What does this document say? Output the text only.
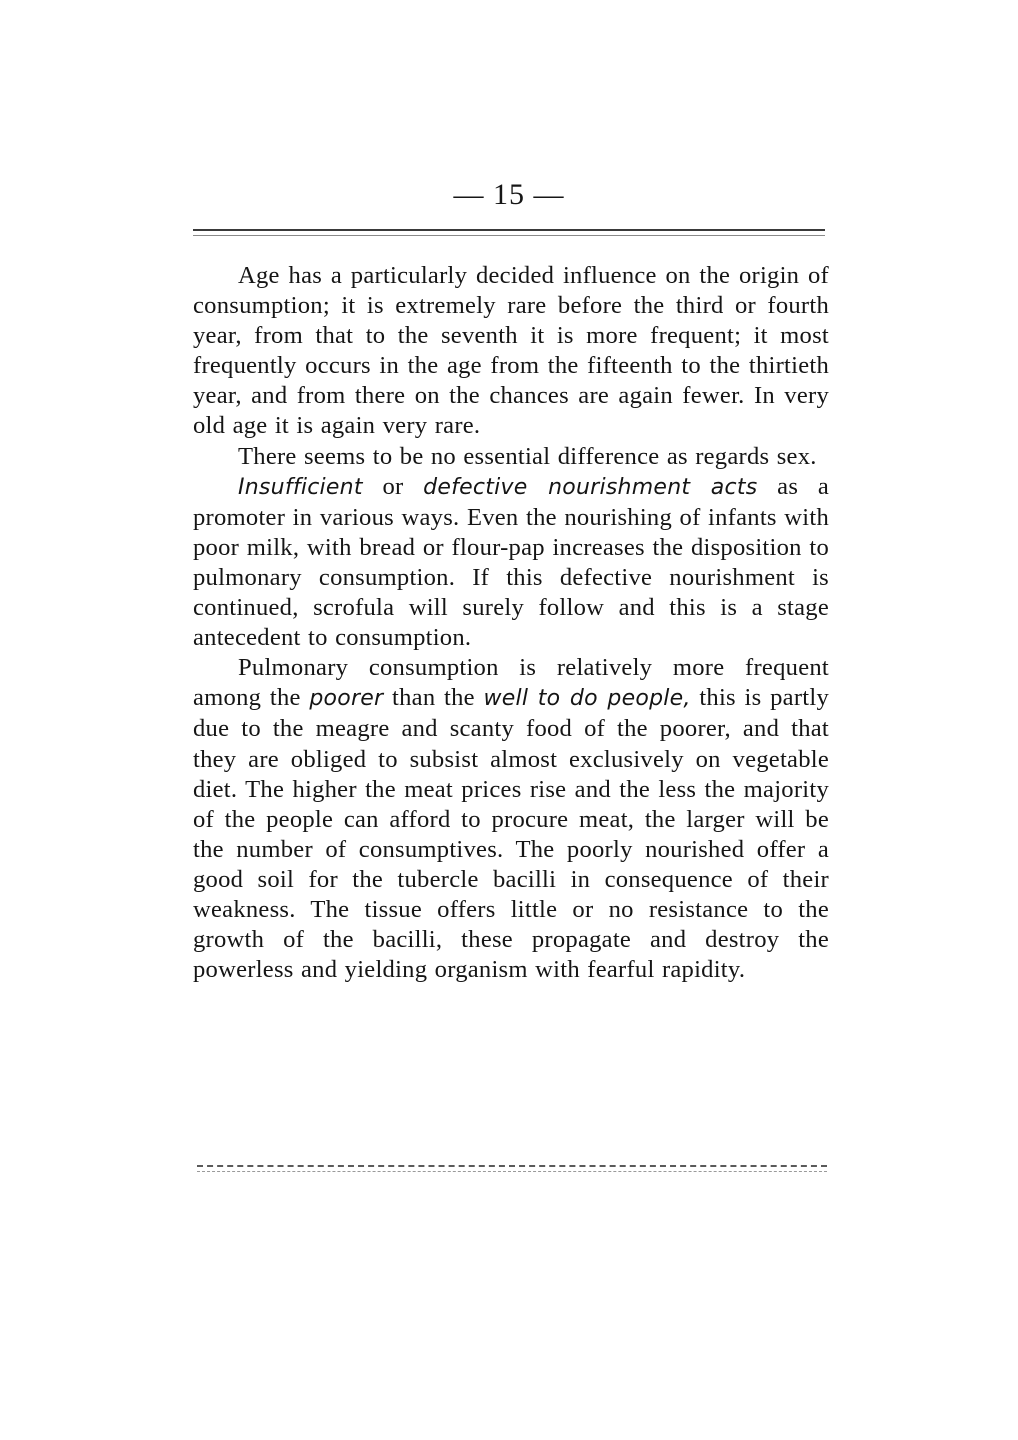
— 15 —

Age has a particularly decided influence on the origin of consumption; it is extremely rare before the third or fourth year, from that to the seventh it is more frequent; it most frequently occurs in the age from the fifteenth to the thirtieth year, and from there on the chances are again fewer. In very old age it is again very rare.

There seems to be no essential difference as regards sex.

Insufficient or defective nourishment acts as a promoter in various ways. Even the nourishing of infants with poor milk, with bread or flour-pap increases the disposition to pulmonary consumption. If this defective nourishment is continued, scrofula will surely follow and this is a stage antecedent to consumption.

Pulmonary consumption is relatively more frequent among the poorer than the well to do people, this is partly due to the meagre and scanty food of the poorer, and that they are obliged to subsist almost exclusively on vegetable diet. The higher the meat prices rise and the less the majority of the people can afford to procure meat, the larger will be the number of consumptives. The poorly nourished offer a good soil for the tubercle bacilli in consequence of their weakness. The tissue offers little or no resistance to the growth of the bacilli, these propagate and destroy the powerless and yielding organism with fearful rapidity.
